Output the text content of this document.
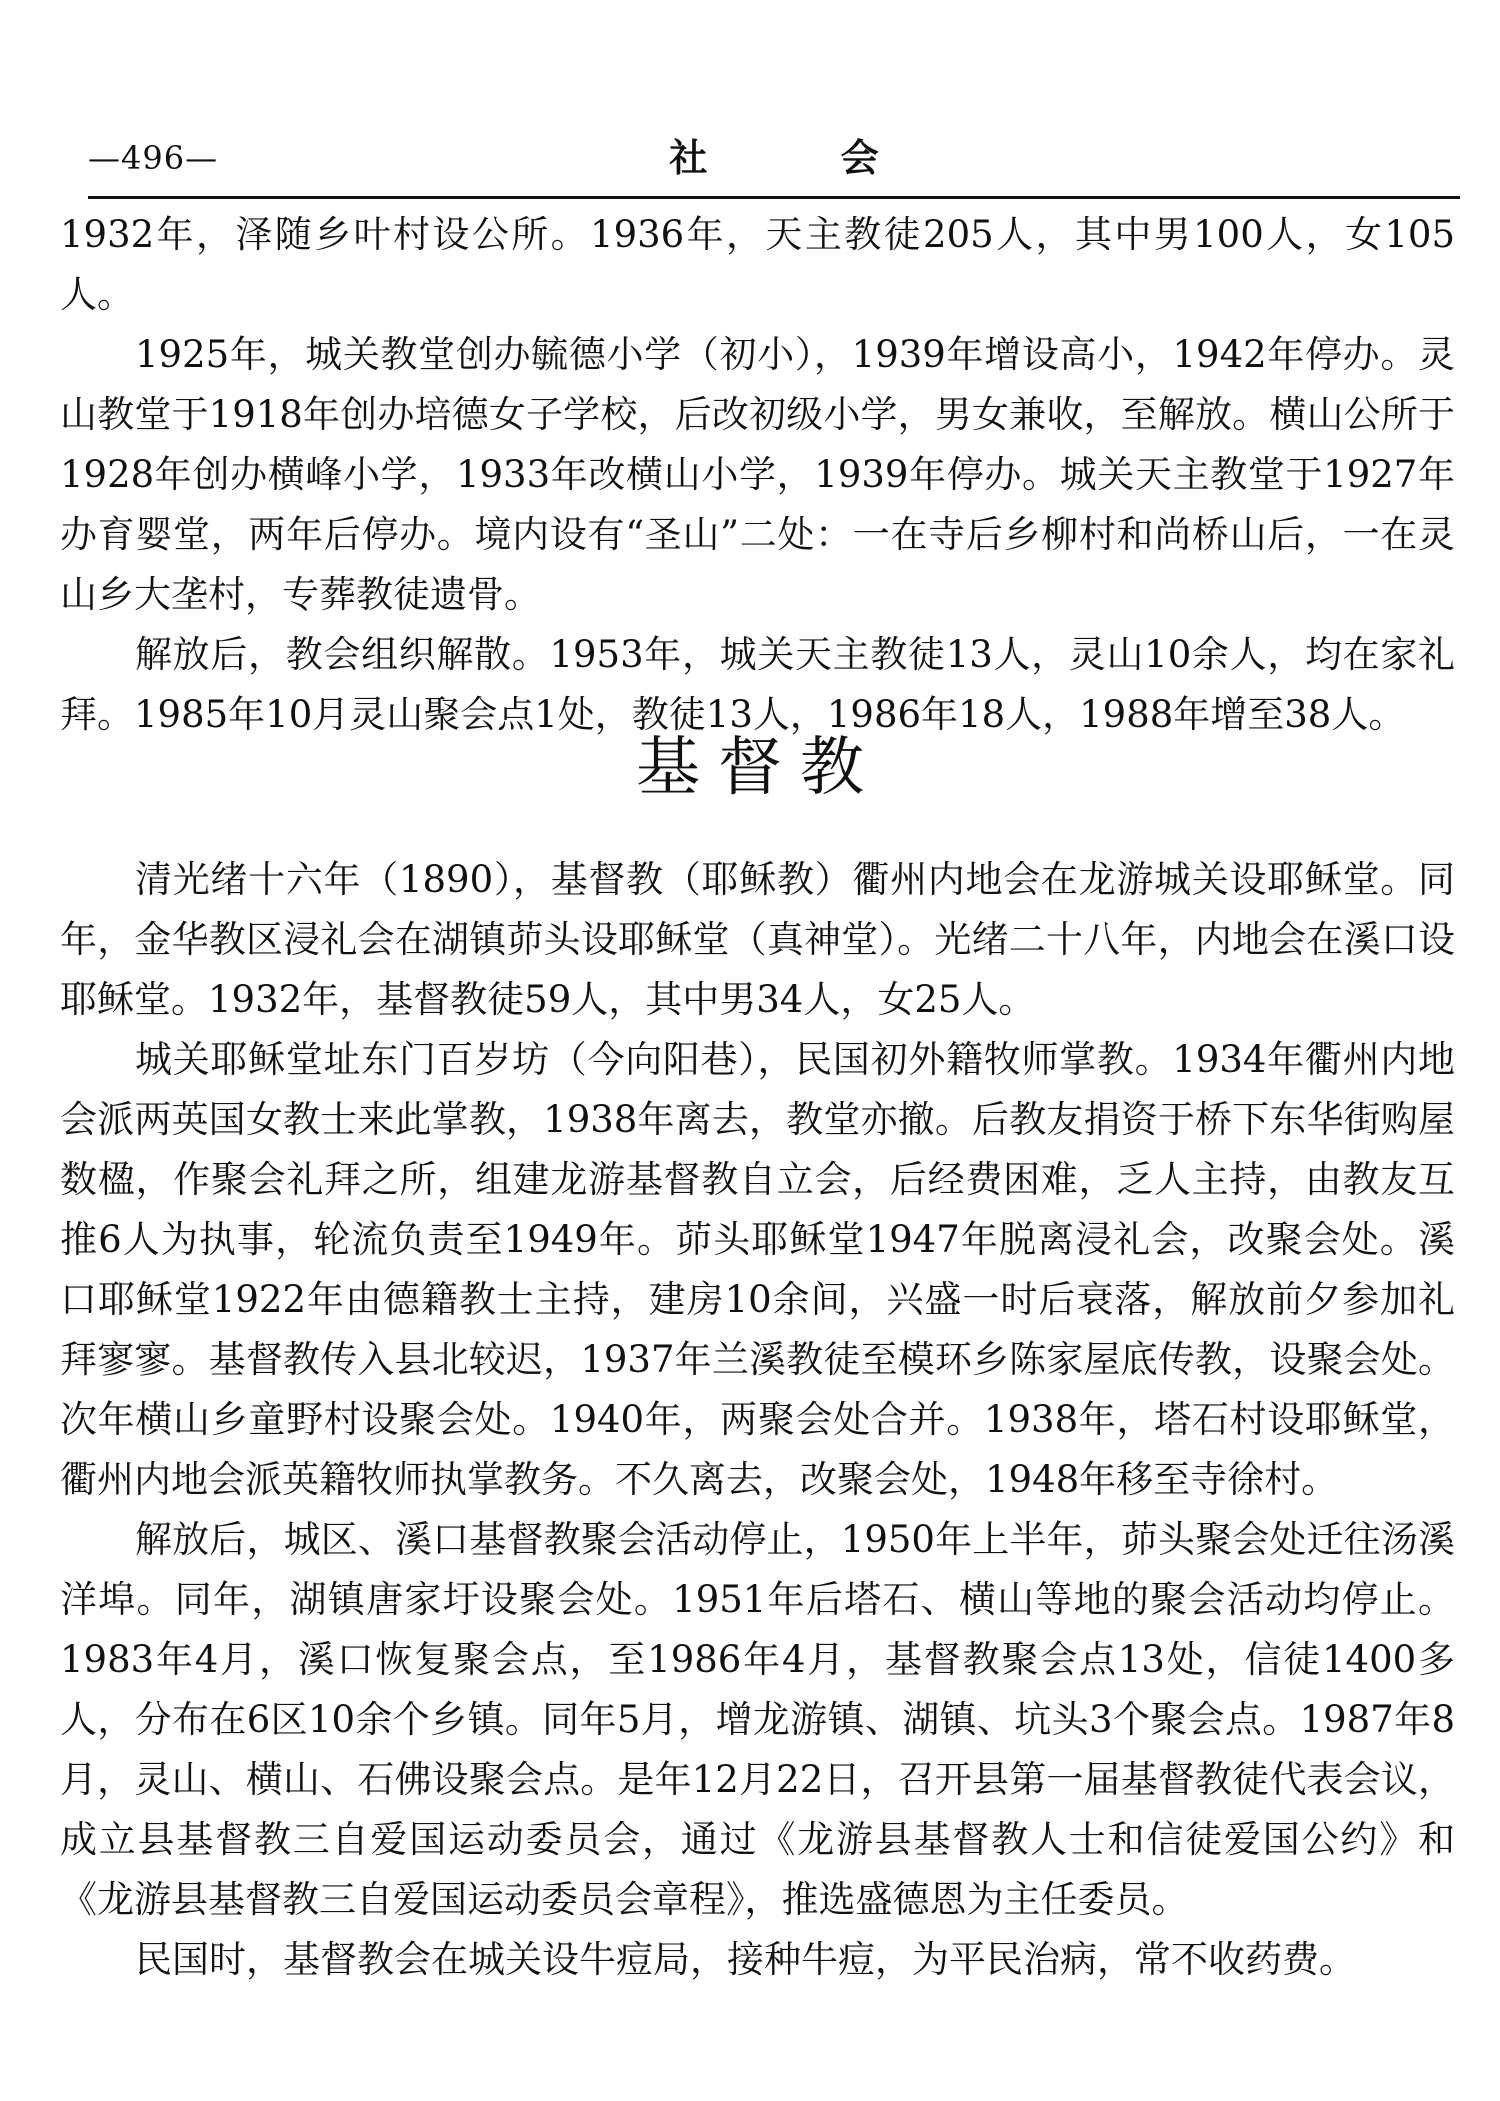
—496—	社 会

1932年，泽随乡叶村设公所。1936年，天主教徒205人，其中男100人，女105人。

1925年，城关教堂创办毓德小学（初小），1939年增设高小，1942年停办。灵山教堂于1918年创办培德女子学校，后改初级小学，男女兼收，至解放。横山公所于1928年创办横峰小学，1933年改横山小学，1939年停办。城关天主教堂于1927年办育婴堂，两年后停办。境内设有“圣山”二处：一在寺后乡柳村和尚桥山后，一在灵山乡大垄村，专葬教徒遗骨。

解放后，教会组织解散。1953年，城关天主教徒13人，灵山10余人，均在家礼拜。1985年10月灵山聚会点1处，教徒13人，1986年18人，1988年增至38人。

基督教

清光绪十六年（1890），基督教（耶稣教）衢州内地会在龙游城关设耶稣堂。同年，金华教区浸礼会在湖镇茆头设耶稣堂（真神堂）。光绪二十八年，内地会在溪口设耶稣堂。1932年，基督教徒59人，其中男34人，女25人。

城关耶稣堂址东门百岁坊（今向阳巷），民国初外籍牧师掌教。1934年衢州内地会派两英国女教士来此掌教，1938年离去，教堂亦撤。后教友捐资于桥下东华街购屋数楹，作聚会礼拜之所，组建龙游基督教自立会，后经费困难，乏人主持，由教友互推6人为执事，轮流负责至1949年。茆头耶稣堂1947年脱离浸礼会，改聚会处。溪口耶稣堂1922年由德籍教士主持，建房10余间，兴盛一时后衰落，解放前夕参加礼拜寥寥。基督教传入县北较迟，1937年兰溪教徒至模环乡陈家屋底传教，设聚会处。次年横山乡童野村设聚会处。1940年，两聚会处合并。1938年，塔石村设耶稣堂，衢州内地会派英籍牧师执掌教务。不久离去，改聚会处，1948年移至寺徐村。

解放后，城区、溪口基督教聚会活动停止，1950年上半年，茆头聚会处迁往汤溪洋埠。同年，湖镇唐家圩设聚会处。1951年后塔石、横山等地的聚会活动均停止。1983年4月，溪口恢复聚会点，至1986年4月，基督教聚会点13处，信徒1400多人，分布在6区10余个乡镇。同年5月，增龙游镇、湖镇、坑头3个聚会点。1987年8月，灵山、横山、石佛设聚会点。是年12月22日，召开县第一届基督教徒代表会议，成立县基督教三自爱国运动委员会，通过《龙游县基督教人士和信徒爱国公约》和《龙游县基督教三自爱国运动委员会章程》，推选盛德恩为主任委员。

民国时，基督教会在城关设牛痘局，接种牛痘，为平民治病，常不收药费。
